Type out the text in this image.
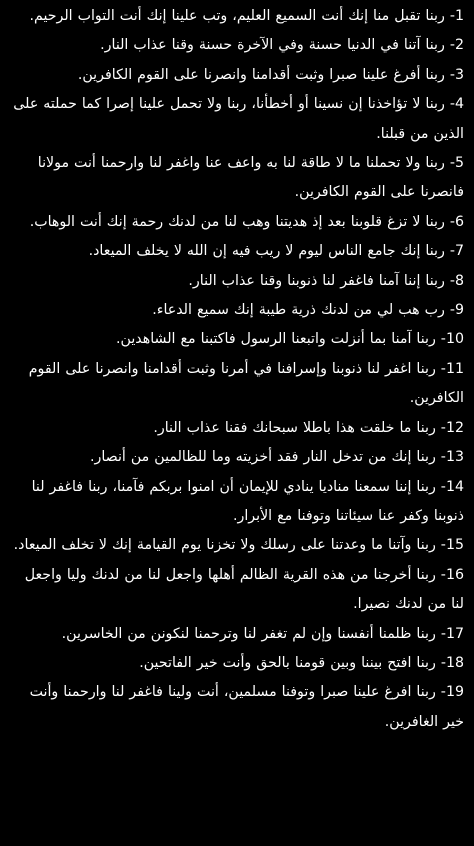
1- ربنا تقبل منا إنك أنت السميع العليم، وتب علينا إنك أنت التواب الرحيم.
2- ربنا آتنا في الدنيا حسنة وفي الآخرة حسنة وقنا عذاب النار.
3- ربنا أفرغ علينا صبرا وثبت أقدامنا وانصرنا على القوم الكافرين.
4- ربنا لا تؤاخذنا إن نسينا أو أخطأنا، ربنا ولا تحمل علينا إصرا كما حملته على الذين من قبلنا.
5- ربنا ولا تحملنا ما لا طاقة لنا به واعف عنا واغفر لنا وارحمنا أنت مولانا فانصرنا على القوم الكافرين.
6- ربنا لا تزغ قلوبنا بعد إذ هديتنا وهب لنا من لدنك رحمة إنك أنت الوهاب.
7- ربنا إنك جامع الناس ليوم لا ريب فيه إن الله لا يخلف الميعاد.
8- ربنا إننا آمنا فاغفر لنا ذنوبنا وقنا عذاب النار.
9- رب هب لي من لدنك ذرية طيبة إنك سميع الدعاء.
10- ربنا آمنا بما أنزلت واتبعنا الرسول فاكتبنا مع الشاهدين.
11- ربنا اغفر لنا ذنوبنا وإسرافنا في أمرنا وثبت أقدامنا وانصرنا على القوم الكافرين.
12- ربنا ما خلقت هذا باطلا سبحانك فقنا عذاب النار.
13- ربنا إنك من تدخل النار فقد أخزيته وما للظالمين من أنصار.
14- ربنا إننا سمعنا مناديا ينادي للإيمان أن امنوا بربكم فآمنا، ربنا فاغفر لنا ذنوبنا وكفر عنا سيئاتنا وتوفنا مع الأبرار.
15- ربنا وآتنا ما وعدتنا على رسلك ولا تخزنا يوم القيامة إنك لا تخلف الميعاد.
16- ربنا أخرجنا من هذه القرية الظالم أهلها واجعل لنا من لدنك وليا واجعل لنا من لدنك نصيرا.
17- ربنا ظلمنا أنفسنا وإن لم تغفر لنا وترحمنا لنكونن من الخاسرين.
18- ربنا افتح بيننا وبين قومنا بالحق وأنت خير الفاتحين.
19- ربنا افرغ علينا صبرا وتوفنا مسلمين، أنت ولينا فاغفر لنا وارحمنا وأنت خير الغافرين.
